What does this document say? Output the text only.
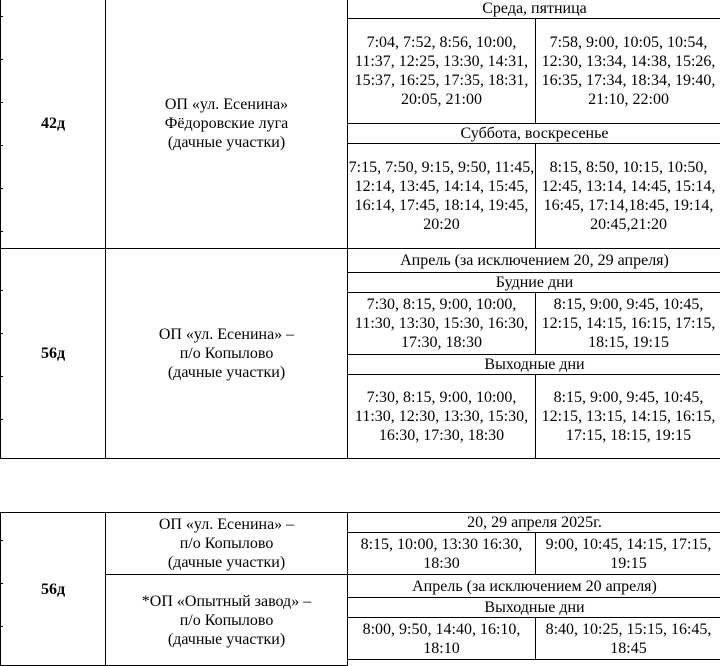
42д	ОП «ул. Есенина»
Фёдоровские луга
(дачные участки)	Среда, пятница	
		7:04, 7:52, 8:56, 10:00, 11:37, 12:25, 13:30, 14:31, 15:37, 16:25, 17:35, 18:31, 20:05, 21:00	7:58, 9:00, 10:05, 10:54, 12:30, 13:34, 14:38, 15:26, 16:35, 17:34, 18:34, 19:40, 21:10, 22:00
		Суббота, воскресенье	
		7:15, 7:50, 9:15, 9:50, 11:45, 12:14, 13:45, 14:14, 15:45, 16:14, 17:45, 18:14, 19:45, 20:20	8:15, 8:50, 10:15, 10:50, 12:45, 13:14, 14:45, 15:14, 16:45, 17:14,18:45, 19:14, 20:45,21:20
56д	ОП «ул. Есенина» –
п/о Копылово
(дачные участки)	Апрель (за исключением 20, 29 апреля)	
		Будние дни	
		7:30, 8:15, 9:00, 10:00, 11:30, 13:30, 15:30, 16:30, 17:30, 18:30	8:15, 9:00, 9:45, 10:45, 12:15, 14:15, 16:15, 17:15, 18:15, 19:15
		Выходные дни	
		7:30, 8:15, 9:00, 10:00, 11:30, 12:30, 13:30, 15:30, 16:30, 17:30, 18:30	8:15, 9:00, 9:45, 10:45, 12:15, 13:15, 14:15, 16:15, 17:15, 18:15, 19:15
56д	ОП «ул. Есенина» –
п/о Копылово
(дачные участки)	20, 29 апреля 2025г.	
		8:15, 10:00, 13:30 16:30, 18:30	9:00, 10:45, 14:15, 17:15, 19:15

	*ОП «Опытный завод» –
п/о Копылово
(дачные участки)	Апрель (за исключением 20 апреля)	
		Выходные дни	
		8:00, 9:50, 14:40, 16:10, 18:10	8:40, 10:25, 15:15, 16:45, 18:45
